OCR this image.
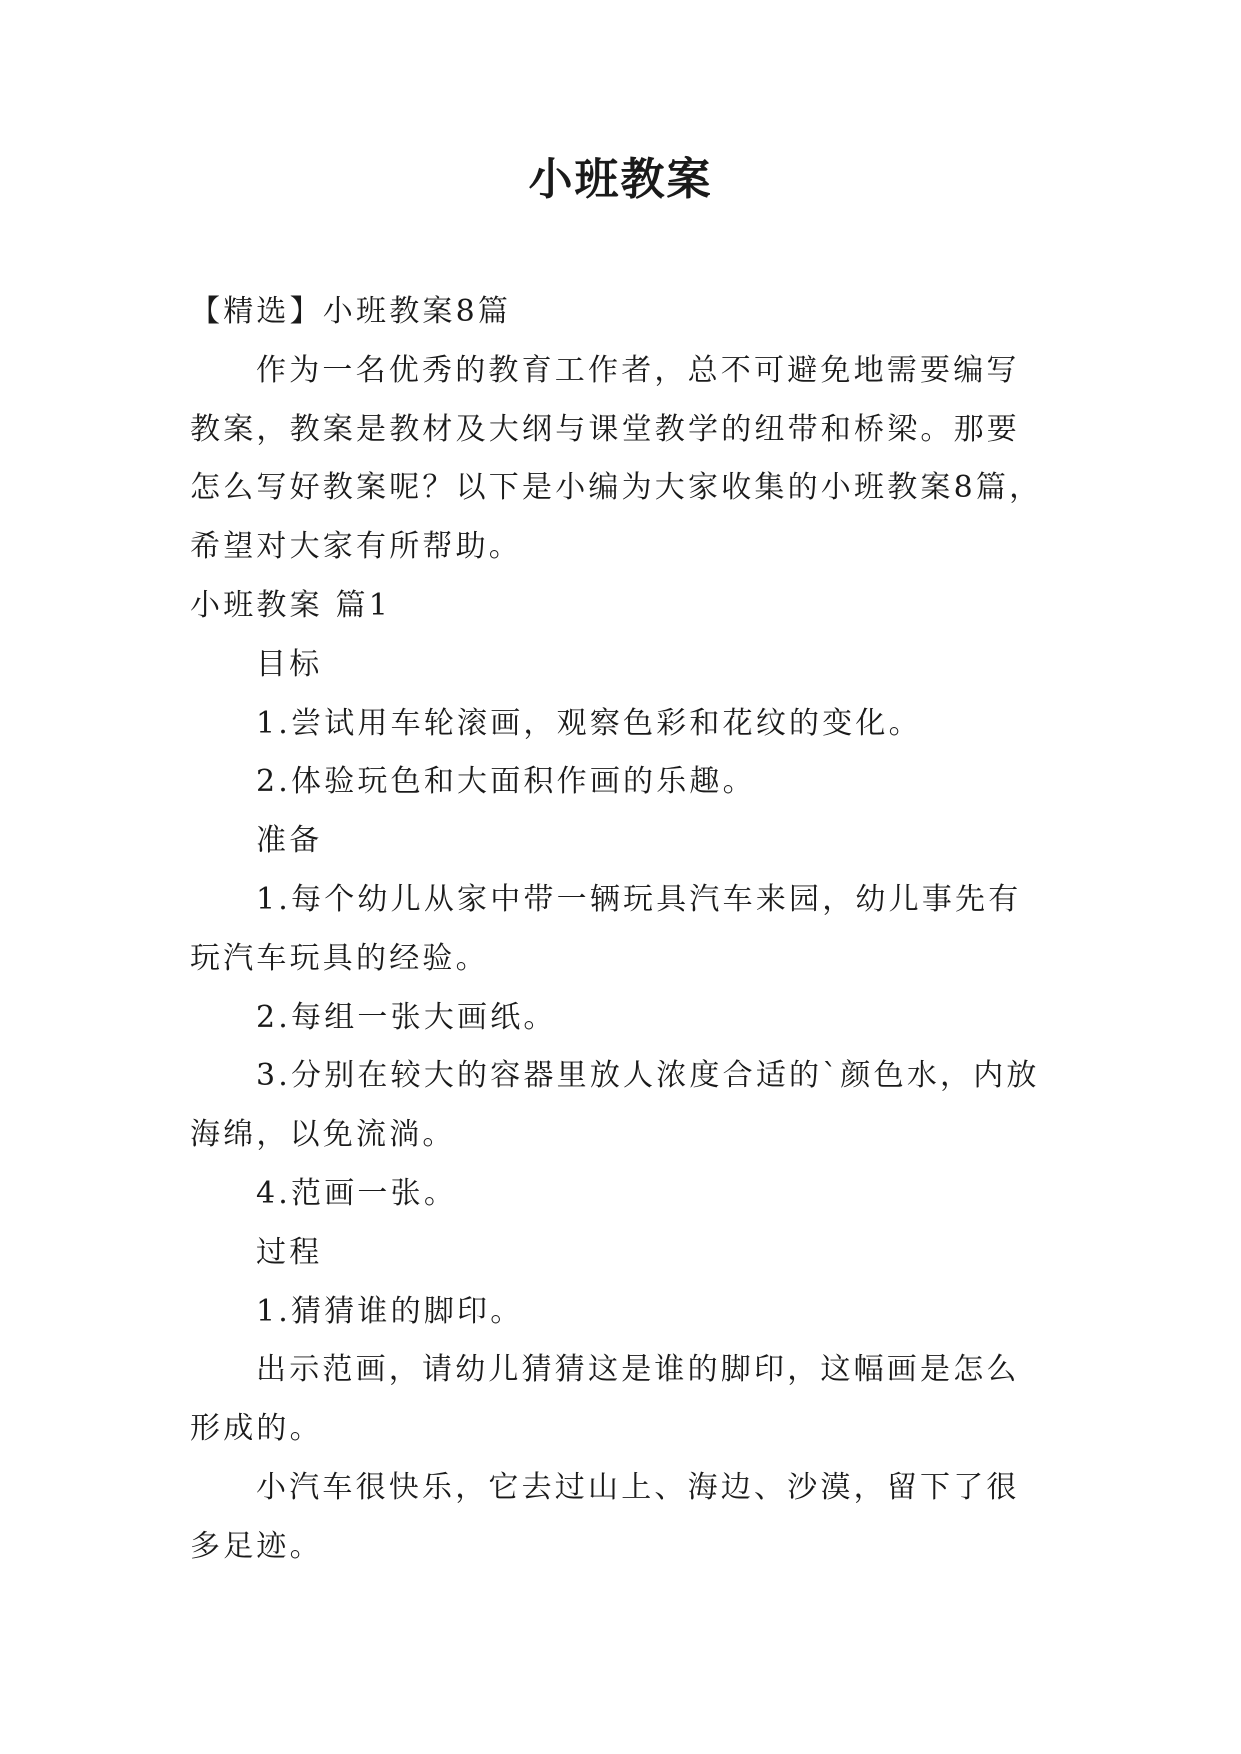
小班教案

【精选】小班教案8篇

作为一名优秀的教育工作者，总不可避免地需要编写教案，教案是教材及大纲与课堂教学的纽带和桥梁。那要怎么写好教案呢？以下是小编为大家收集的小班教案8篇，希望对大家有所帮助。

小班教案 篇1

目标

1.尝试用车轮滚画，观察色彩和花纹的变化。

2.体验玩色和大面积作画的乐趣。

准备

1.每个幼儿从家中带一辆玩具汽车来园，幼儿事先有玩汽车玩具的经验。

2.每组一张大画纸。

3.分别在较大的容器里放人浓度合适的`颜色水，内放海绵，以免流淌。

4.范画一张。

过程

1.猜猜谁的脚印。

出示范画，请幼儿猜猜这是谁的脚印，这幅画是怎么形成的。

小汽车很快乐，它去过山上、海边、沙漠，留下了很多足迹。
